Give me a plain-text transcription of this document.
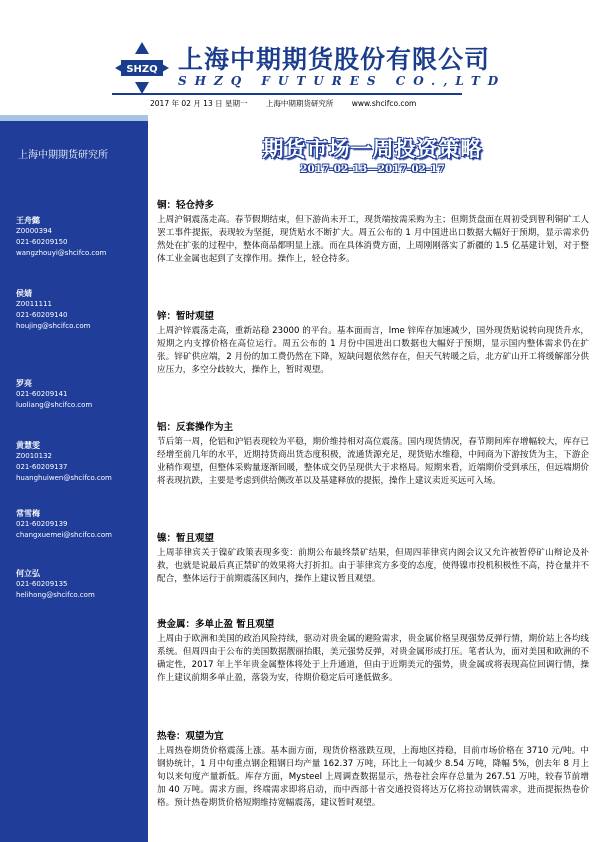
SHZQ 上海中期期货股份有限公司
SHZQ FUTURES CO.,LTD
2017 年 02 月 13 日 星期一 上海中期期货研究所 www.shcifco.com
上海中期期货研究所
王舟懿
Z0000394
021-60209150
wangzhouyi@shcifco.com
侯婧
Z0011111
021-60209140
houjing@shcifco.com
罗亮
021-60209141
luoliang@shcifco.com
黄慧雯
Z0010132
021-60209137
huanghuiwen@shcifco.com
常雪梅
021-60209139
changxuemei@shcifco.com
何立弘
021-60209135
helihong@shcifco.com
期货市场一周投资策略
2017-02-13—2017-02-17
铜：轻仓持多

上周沪铜震荡走高。春节假期结束，但下游尚未开工，现货端按需采购为主；但期货盘面在周初受到智利铜矿工人罢工事件提振，表现较为坚挺，现货贴水不断扩大。周五公布的 1 月中国进出口数据大幅好于预期，显示需求仍然处在扩张的过程中，整体商品都明显上涨。而在具体消费方面，上周刚刚落实了新疆的 1.5 亿基建计划，对于整体工业金属也起到了支撑作用。操作上，轻仓持多。

锌：暂时观望

上周沪锌震荡走高，重新站稳 23000 的平台。基本面而言，lme 锌库存加速减少，国外现货贴说转向现货升水，短期之内支撑价格在高位运行。周五公布的 1 月份中国进出口数据也大幅好于预期，显示国内整体需求仍在扩张。锌矿供应端，2 月份的加工费仍然在下降，短缺问题依然存在，但天气转暖之后，北方矿山开工将缓解部分供应压力，多空分歧较大，操作上，暂时观望。

铝：反套操作为主

节后第一周，伦铝和沪铝表现较为平稳，期价维持相对高位震荡。国内现货情况，春节期间库存增幅较大，库存已经增至前几年的水平，近期持货商出货态度积极，流通货源充足，现货贴水维稳，中间商为下游按货为主，下游企业稍作观望，但整体采购量逐渐回暖，整体成交仍呈现供大于求格局。短期来看，近端期价受到承压，但远端期价将表现抗跌，主要是考虑到供给侧改革以及基建释放的提振，操作上建议卖近买远可入场。

镍：暂且观望

上周菲律宾关于镍矿政策表现多变：前期公布最终禁矿结果，但周四菲律宾内阁会议又允许被暂停矿山辩论及补救，也就是说最后真正禁矿的效果将大打折扣。由于菲律宾方多变的态度，使得镍市投机积极性不高，持仓量并不配合，整体运行于前期震荡区间内，操作上建议暂且观望。

贵金属：多单止盈 暂且观望

上周由于欧洲和美国的政治风险持续，驱动对贵金属的避险需求，贵金属价格呈现强势反弹行情，期价站上各均线系统。但周四由于公布的美国数据靓丽抬眼，美元强势反弹，对贵金属形成打压。笔者认为，面对美国和欧洲的不确定性，2017 年上半年贵金属整体将处于上升通道，但由于近期美元的强势，贵金属或将表现高位回调行情，操作上建议前期多单止盈，落袋为安，待期价稳定后可逢低做多。

热卷：观望为宜

上周热卷期货价格震荡上涨。基本面方面，现货价格涨跌互现，上海地区持稳，目前市场价格在 3710 元/吨。中钢协统计，1 月中旬重点钢企粗钢日均产量 162.37 万吨，环比上一旬减少 8.54 万吨，降幅 5%，创去年 8 月上旬以来旬度产量新低。库存方面，Mysteel 上周调查数据显示，热卷社会库存总量为 267.51 万吨，较春节前增加 40 万吨。需求方面，终端需求即将启动，而中西部十省交通投资将达万亿将拉动钢铁需求，进而提振热卷价格。预计热卷期货价格短期维持宽幅震荡，建议暂时观望。
